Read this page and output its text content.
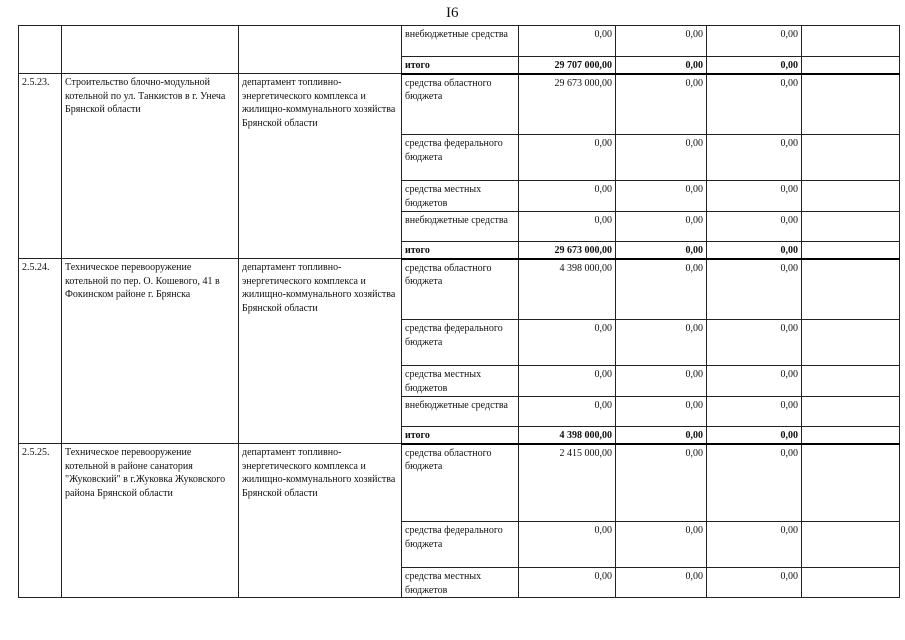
I6
			внебюджетные средства	0,00	0,00	0,00	
			итого	29 707 000,00	0,00	0,00	
2.5.23.	Строительство блочно-модульной котельной по ул. Танкистов в г. Унеча Брянской области	департамент топливно-энергетического комплекса и жилищно-коммунального хозяйства Брянской области	средства областного бюджета	29 673 000,00	0,00	0,00	
			средства федерального бюджета	0,00	0,00	0,00	
			средства местных бюджетов	0,00	0,00	0,00	
			внебюджетные средства	0,00	0,00	0,00	
			итого	29 673 000,00	0,00	0,00	
2.5.24.	Техническое перевооружение котельной по пер. О. Кошевого, 41 в Фокинском районе г. Брянска	департамент топливно-энергетического комплекса и жилищно-коммунального хозяйства Брянской области	средства областного бюджета	4 398 000,00	0,00	0,00	
			средства федерального бюджета	0,00	0,00	0,00	
			средства местных бюджетов	0,00	0,00	0,00	
			внебюджетные средства	0,00	0,00	0,00	
			итого	4 398 000,00	0,00	0,00	
2.5.25.	Техническое перевооружение котельной в районе санатория "Жуковский" в г.Жуковка Жуковского района Брянской области	департамент топливно-энергетического комплекса и жилищно-коммунального хозяйства Брянской области	средства областного бюджета	2 415 000,00	0,00	0,00	
			средства федерального бюджета	0,00	0,00	0,00	
			средства местных бюджетов	0,00	0,00	0,00	
